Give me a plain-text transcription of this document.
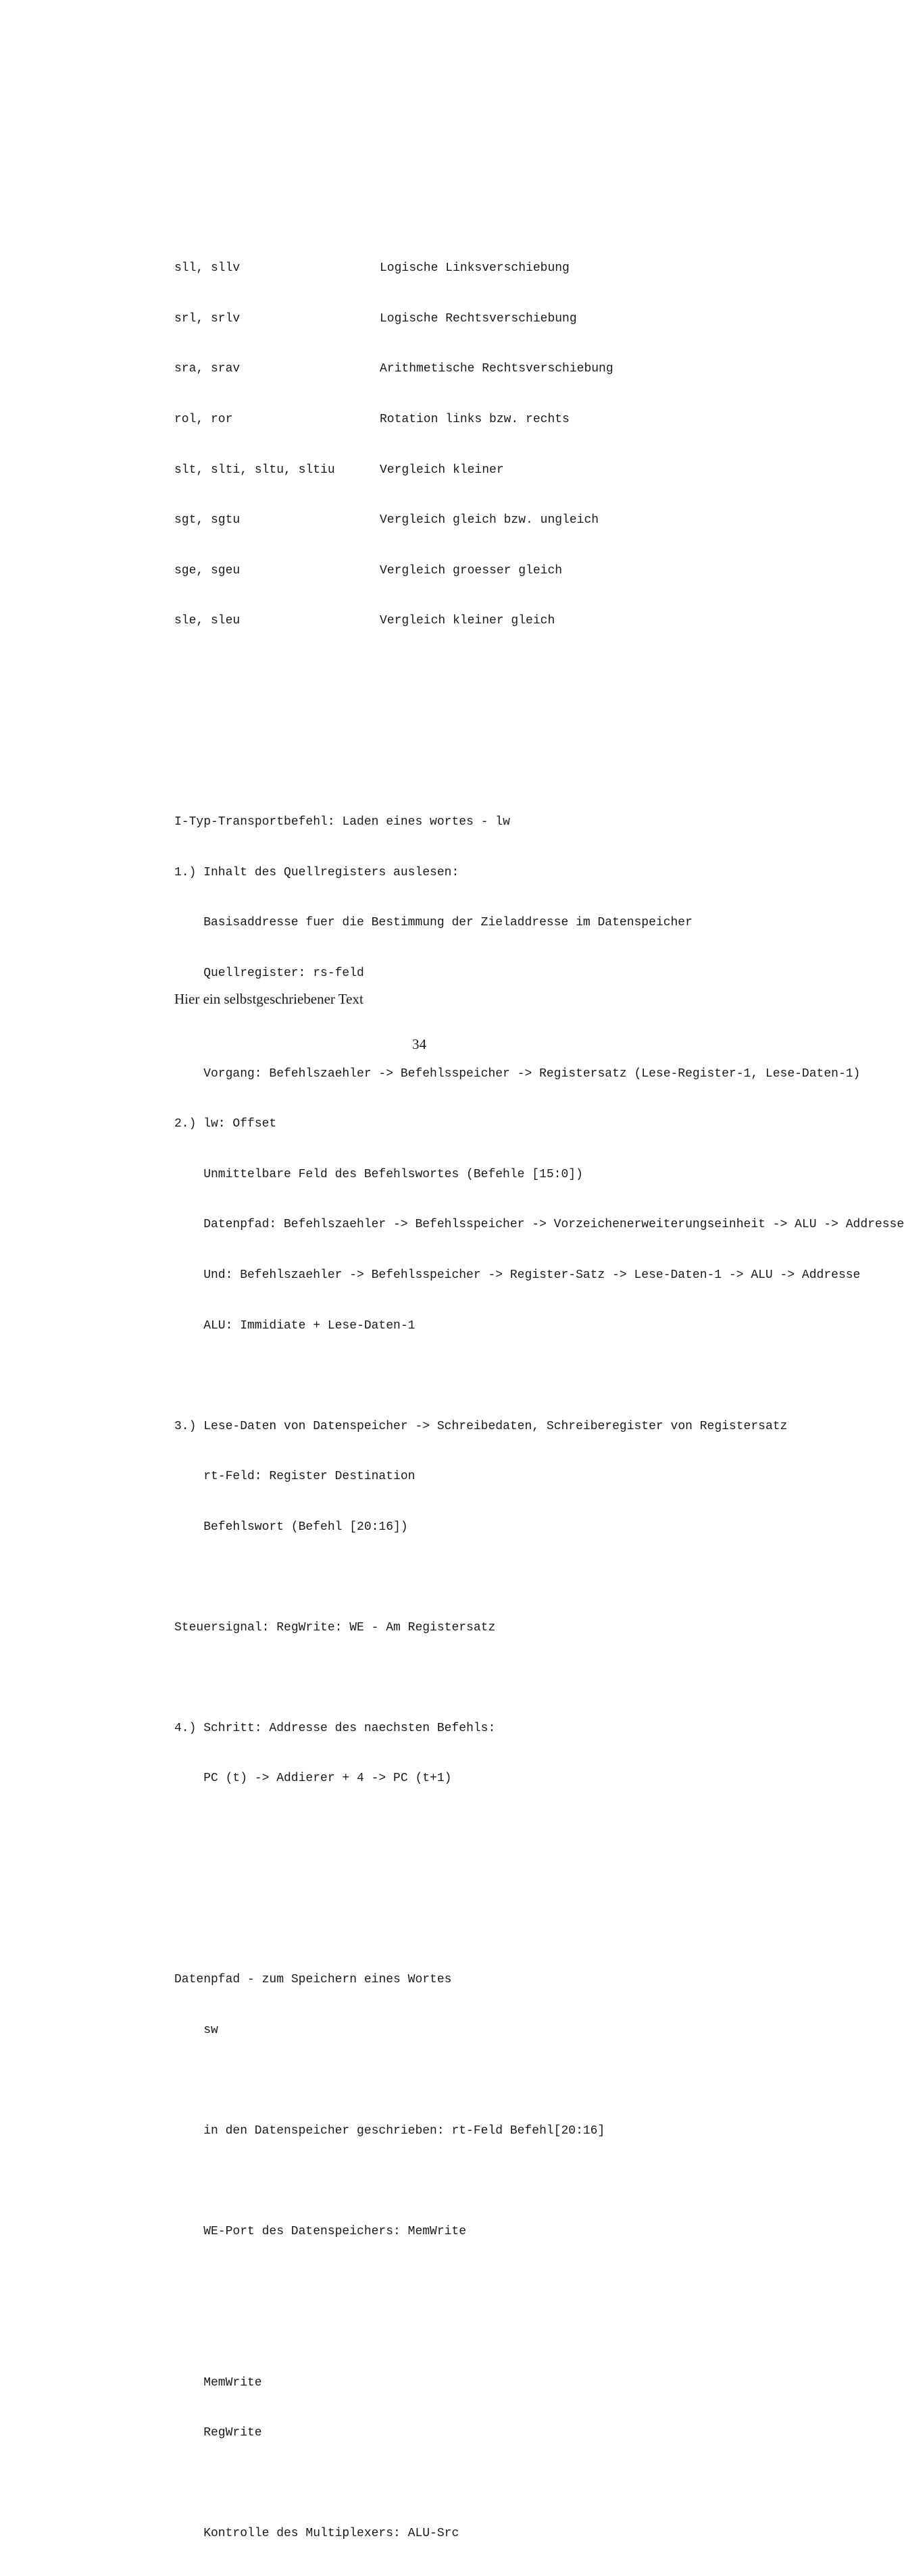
sll, sllv	Logische Linksverschiebung

srl, srlv	Logische Rechtsverschiebung

sra, srav	Arithmetische Rechtsverschiebung

rol, ror	Rotation links bzw. rechts

slt, slti, sltu, sltiu	Vergleich kleiner

sgt, sgtu	Vergleich gleich bzw. ungleich

sge, sgeu	Vergleich groesser gleich

sle, sleu	Vergleich kleiner gleich

I-Typ-Transportbefehl: Laden eines wortes - lw

1.) Inhalt des Quellregisters auslesen:

Basisaddresse fuer die Bestimmung der Zieladdresse im Datenspeicher

Quellregister: rs-feld

Vorgang: Befehlszaehler -> Befehlsspeicher -> Registersatz (Lese-Register-1, Lese-Daten-1)

2.) lw: Offset

Unmittelbare Feld des Befehlswortes (Befehle [15:0])

Datenpfad: Befehlszaehler -> Befehlsspeicher -> Vorzeichenerweiterungseinheit -> ALU -> Addresse

Und: Befehlszaehler -> Befehlsspeicher -> Register-Satz -> Lese-Daten-1 -> ALU -> Addresse

ALU: Immidiate + Lese-Daten-1

3.) Lese-Daten von Datenspeicher -> Schreibedaten, Schreiberegister von Registersatz

rt-Feld: Register Destination

Befehlswort (Befehl [20:16])

Steuersignal: RegWrite: WE - Am Registersatz

4.) Schritt: Addresse des naechsten Befehls:

PC (t) -> Addierer + 4 -> PC (t+1)

Datenpfad - zum Speichern eines Wortes

sw

in den Datenspeicher geschrieben: rt-Feld Befehl[20:16]

WE-Port des Datenspeichers: MemWrite

MemWrite

RegWrite

Kontrolle des Multiplexers: ALU-Src

Hier ein selbstgeschriebener Text

34
